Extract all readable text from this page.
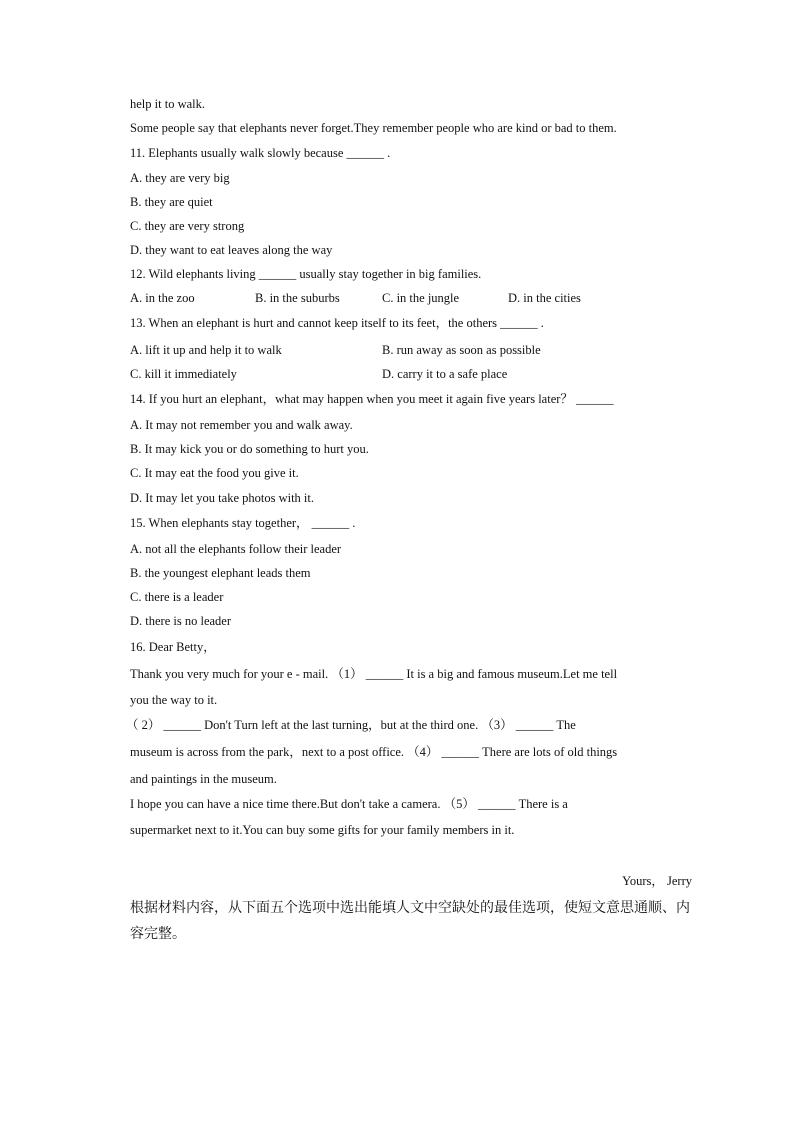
help it to walk.
Some people say that elephants never forget.They remember people who are kind or bad to them.
11. Elephants usually walk slowly because ______ .
A. they are very big
B. they are quiet
C. they are very strong
D. they want to eat leaves along the way
12. Wild elephants living ______ usually stay together in big families.
A. in the zoo	B. in the suburbs	C. in the jungle	D. in the cities
13. When an elephant is hurt and cannot keep itself to its feet，the others ______ .
A. lift it up and help it to walk	B. run away as soon as possible
C. kill it immediately	D. carry it to a safe place
14. If you hurt an elephant，what may happen when you meet it again five years later？ ______
A. It may not remember you and walk away.
B. It may kick you or do something to hurt you.
C. It may eat the food you give it.
D. It may let you take photos with it.
15. When elephants stay together， ______ .
A. not all the elephants follow their leader
B. the youngest elephant leads them
C. there is a leader
D. there is no leader
16. Dear Betty，
Thank you very much for your e - mail. （1） ______ It is a big and famous museum.Let me tell
you the way to it.
（ 2） ______ Don't Turn left at the last turning，but at the third one. （3） ______ The
museum is across from the park，next to a post office. （4） ______ There are lots of old things
and paintings in the museum.
I hope you can have a nice time there.But don't take a camera. （5） ______ There is a
supermarket next to it.You can buy some gifts for your family members in it.
Yours， Jerry
根据材料内容，从下面五个选项中选出能填人文中空缺处的最佳选项，使短文意思通顺、内容完整。
